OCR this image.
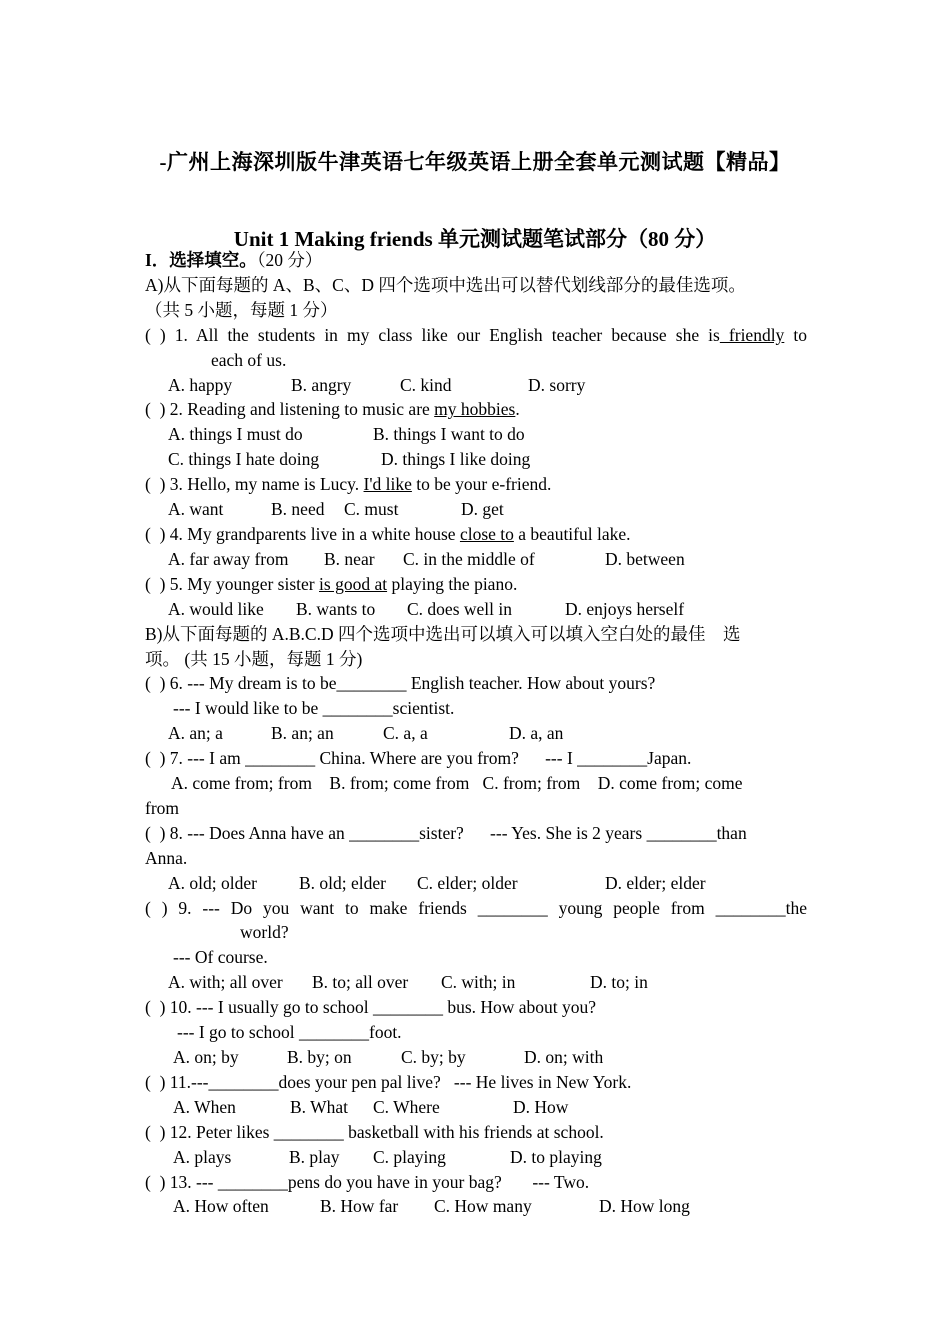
-广州上海深圳版牛津英语七年级英语上册全套单元测试题【精品】
Unit 1 Making friends 单元测试题笔试部分（80 分）
I．选择填空。（20 分）
A)从下面每题的 A、B、C、D 四个选项中选出可以替代划线部分的最佳选项。
（共 5 小题，每题 1 分）
( ) 1. All the students in my class like our English teacher because she is friendly to
each of us.
A. happy	B. angry	C. kind	D. sorry
(  ) 2. Reading and listening to music are my hobbies.
A. things I must do	B. things I want to do
C. things I hate doing	D. things I like doing
(  ) 3. Hello, my name is Lucy. I'd like to be your e-friend.
A. want	B. need	C. must	D. get
(  ) 4. My grandparents live in a white house close to a beautiful lake.
A. far away from	B. near	C. in the middle of	D. between
(  ) 5. My younger sister is good at playing the piano.
A. would like	B. wants to	C. does well in	D. enjoys herself
B)从下面每题的 A.B.C.D 四个选项中选出可以填入可以填入空白处的最佳　选
项。 (共 15 小题，每题 1 分)
(  ) 6. --- My dream is to be________ English teacher. How about yours?
--- I would like to be ________scientist.
A. an; a	B. an; an	C. a, a	D. a, an
(  ) 7. --- I am ________ China. Where are you from?      --- I ________Japan.
A. come from; from    B. from; come from   C. from; from    D. come from; come
from
(  ) 8. --- Does Anna have an ________sister?      --- Yes. She is 2 years ________than
Anna.
A. old; older	B. old; elder	C. elder; older	D. elder; elder
( ) 9. --- Do you want to make friends ________ young people from ________the
world?
--- Of course.
A. with; all over	B. to; all over	C. with; in	D. to; in
(  ) 10. --- I usually go to school ________ bus. How about you?
--- I go to school ________foot.
A. on; by	B. by; on	C. by; by	D. on; with
(  ) 11.---________does your pen pal live?   --- He lives in New York.
A. When	B. What	C. Where	D. How
(  ) 12. Peter likes ________ basketball with his friends at school.
A. plays	B. play	C. playing	D. to playing
(  ) 13. --- ________pens do you have in your bag?       --- Two.
A. How often	B. How far	C. How many	D. How long
